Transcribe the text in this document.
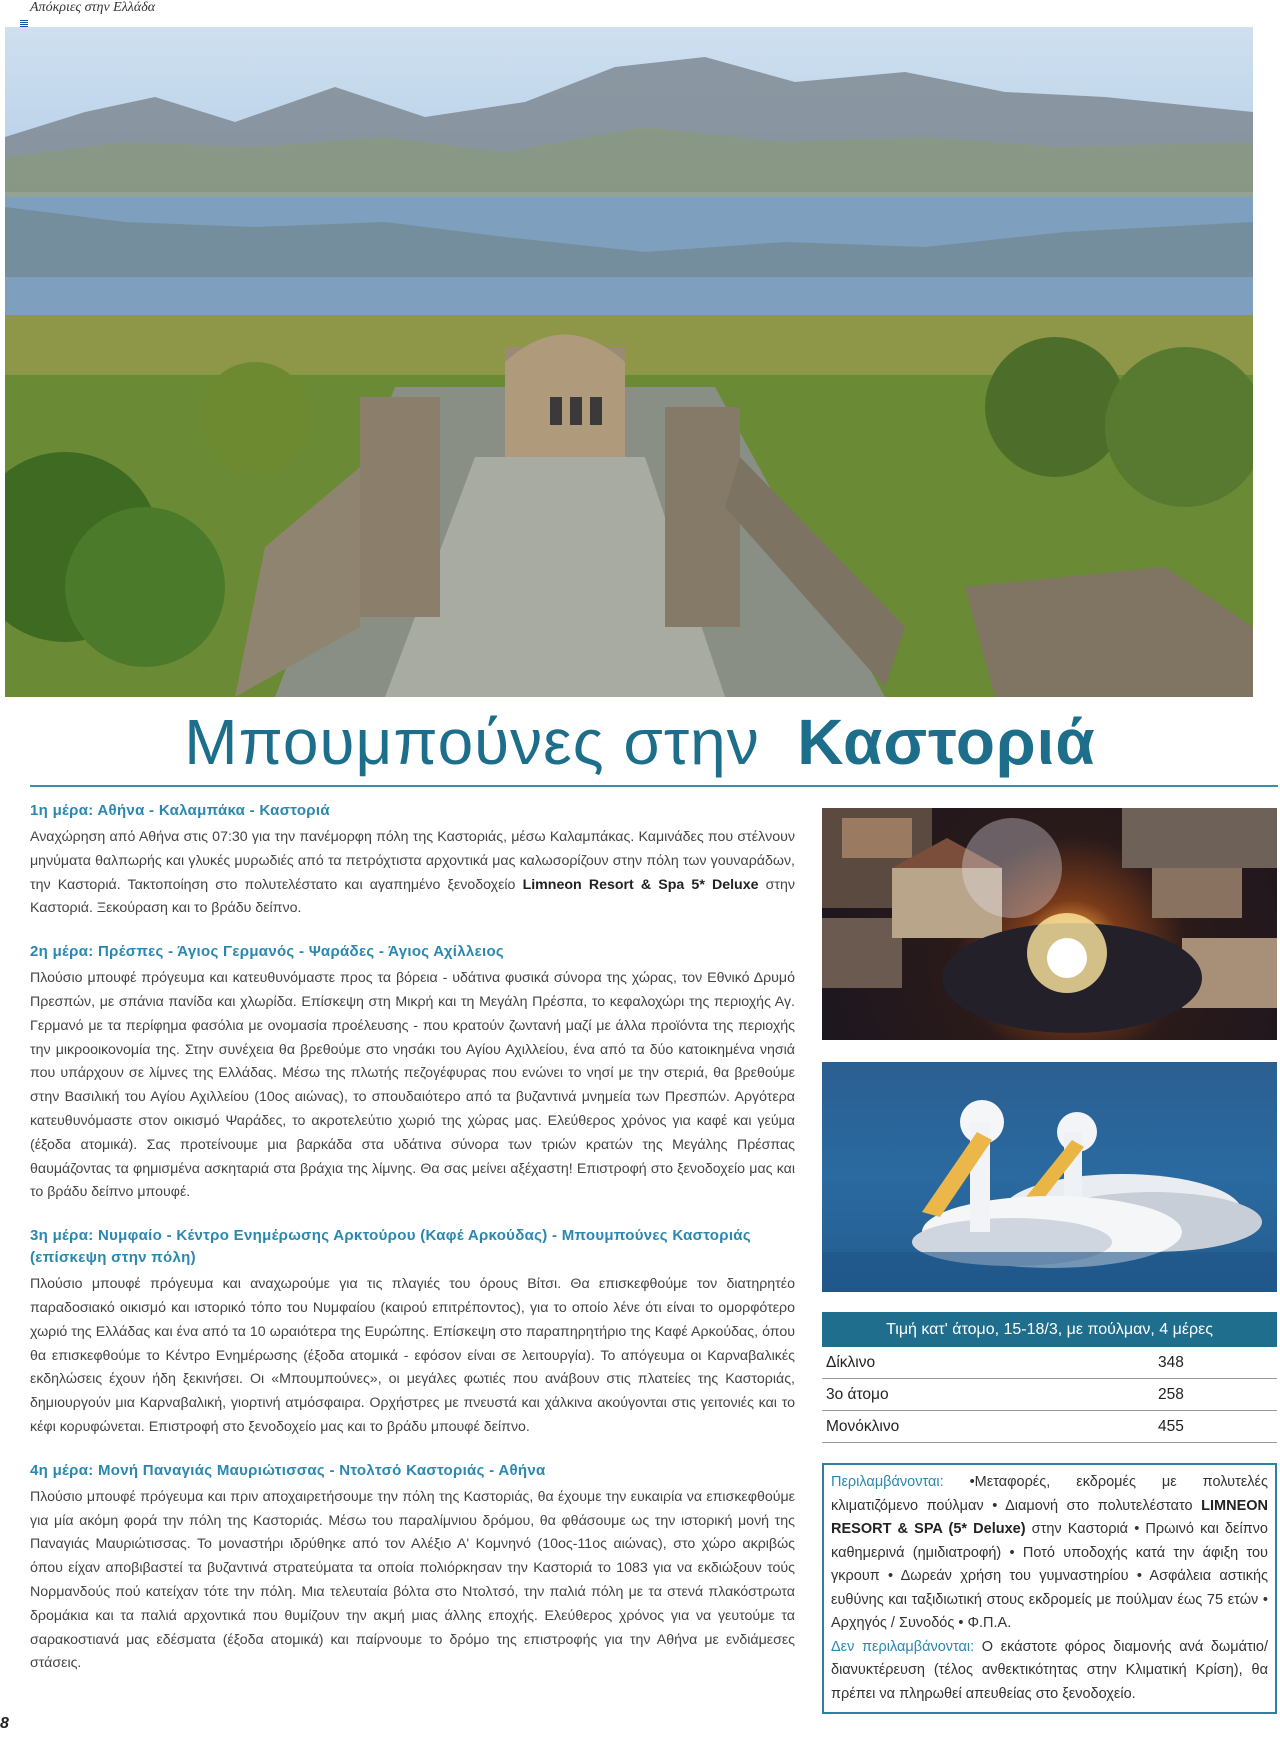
Απόκριες στην Ελλάδα
Μπουμπούνες στην Καστοριά

1η μέρα: Αθήνα - Καλαμπάκα - Καστοριά

Αναχώρηση από Αθήνα στις 07:30 για την πανέμορφη πόλη της Καστοριάς, μέσω Καλαμπάκας. Καμινάδες που στέλνουν μηνύματα θαλπωρής και γλυκές μυρωδιές από τα πετρόχτιστα αρχοντικά μας καλωσορίζουν στην πόλη των γουναράδων, την Καστοριά. Τακτοποίηση στο πολυτελέστατο και αγαπημένο ξενοδοχείο Limneon Resort & Spa 5* Deluxe στην Καστοριά. Ξεκούραση και το βράδυ δείπνο.

2η μέρα: Πρέσπες - Άγιος Γερμανός - Ψαράδες - Άγιος Αχίλλειος

Πλούσιο μπουφέ πρόγευμα και κατευθυνόμαστε προς τα βόρεια - υδάτινα φυσικά σύνορα της χώρας, τον Εθνικό Δρυμό Πρεσπών, με σπάνια πανίδα και χλωρίδα. Επίσκεψη στη Μικρή και τη Μεγάλη Πρέσπα, το κεφαλοχώρι της περιοχής Αγ. Γερμανό με τα περίφημα φασόλια με ονομασία προέλευσης - που κρατούν ζωντανή μαζί με άλλα προϊόντα της περιοχής την μικροοικονομία της. Στην συνέχεια θα βρεθούμε στο νησάκι του Αγίου Αχιλλείου, ένα από τα δύο κατοικημένα νησιά που υπάρχουν σε λίμνες της Ελλάδας. Μέσω της πλωτής πεζογέφυρας που ενώνει το νησί με την στεριά, θα βρεθούμε στην Βασιλική του Αγίου Αχιλλείου (10ος αιώνας), το σπουδαιότερο από τα βυζαντινά μνημεία των Πρεσπών. Αργότερα κατευθυνόμαστε στον οικισμό Ψαράδες, το ακροτελεύτιο χωριό της χώρας μας. Ελεύθερος χρόνος για καφέ και γεύμα (έξοδα ατομικά). Σας προτείνουμε μια βαρκάδα στα υδάτινα σύνορα των τριών κρατών της Μεγάλης Πρέσπας θαυμάζοντας τα φημισμένα ασκηταριά στα βράχια της λίμνης. Θα σας μείνει αξέχαστη! Επιστροφή στο ξενοδοχείο μας και το βράδυ δείπνο μπουφέ.

3η μέρα: Νυμφαίο - Κέντρο Ενημέρωσης Αρκτούρου (Καφέ Αρκούδας) - Μπουμπούνες Καστοριάς (επίσκεψη στην πόλη)

Πλούσιο μπουφέ πρόγευμα και αναχωρούμε για τις πλαγιές του όρους Βίτσι. Θα επισκεφθούμε τον διατηρητέο παραδοσιακό οικισμό και ιστορικό τόπο του Νυμφαίου (καιρού επιτρέποντος), για το οποίο λένε ότι είναι το ομορφότερο χωριό της Ελλάδας και ένα από τα 10 ωραιότερα της Ευρώπης. Επίσκεψη στο παραπηρητήριο της Καφέ Αρκούδας, όπου θα επισκεφθούμε το Κέντρο Ενημέρωσης (έξοδα ατομικά - εφόσον είναι σε λειτουργία). Το απόγευμα οι Καρναβαλικές εκδηλώσεις έχουν ήδη ξεκινήσει. Οι «Μπουμπούνες», οι μεγάλες φωτιές που ανάβουν στις πλατείες της Καστοριάς, δημιουργούν μια Καρναβαλική, γιορτινή ατμόσφαιρα. Ορχήστρες με πνευστά και χάλκινα ακούγονται στις γειτονιές και το κέφι κορυφώνεται. Επιστροφή στο ξενοδοχείο μας και το βράδυ μπουφέ δείπνο.

4η μέρα: Μονή Παναγιάς Μαυριώτισσας - Ντολτσό Καστοριάς - Αθήνα

Πλούσιο μπουφέ πρόγευμα και πριν αποχαιρετήσουμε την πόλη της Καστοριάς, θα έχουμε την ευκαιρία να επισκεφθούμε για μία ακόμη φορά την πόλη της Καστοριάς. Μέσω του παραλίμνιου δρόμου, θα φθάσουμε ως την ιστορική μονή της Παναγιάς Μαυριώτισσας. Το μοναστήρι ιδρύθηκε από τον Αλέξιο Α' Κομνηνό (10ος-11ος αιώνας), στο χώρο ακριβώς όπου είχαν αποβιβαστεί τα βυζαντινά στρατεύματα τα οποία πολιόρκησαν την Καστοριά το 1083 για να εκδιώξουν τούς Νορμανδούς πού κατείχαν τότε την πόλη. Μια τελευταία βόλτα στο Ντολτσό, την παλιά πόλη με τα στενά πλακόστρωτα δρομάκια και τα παλιά αρχοντικά που θυμίζουν την ακμή μιας άλλης εποχής. Ελεύθερος χρόνος για να γευτούμε τα σαρακοστιανά μας εδέσματα (έξοδα ατομικά) και παίρνουμε το δρόμο της επιστροφής για την Αθήνα με ενδιάμεσες στάσεις.

Τιμή κατ' άτομο, 15-18/3, με πούλμαν, 4 μέρες	
Δίκλινο	348
3ο άτομο	258
Μονόκλινο	455
Περιλαμβάνονται: •Μεταφορές, εκδρομές με πολυτελές κλιματιζόμενο πούλμαν • Διαμονή στο πολυτελέστατο LIMNEON RESORT & SPA (5* Deluxe) στην Καστοριά • Πρωινό και δείπνο καθημερινά (ημιδιατροφή) • Ποτό υποδοχής κατά την άφιξη του γκρουπ • Δωρεάν χρήση του γυμναστηρίου • Ασφάλεια αστικής ευθύνης και ταξιδιωτική στους εκδρομείς με πούλμαν έως 75 ετών • Αρχηγός / Συνοδός • Φ.Π.Α.
Δεν περιλαμβάνονται: Ο εκάστοτε φόρος διαμονής ανά δωμάτιο/διανυκτέρευση (τέλος ανθεκτικότητας στην Κλιματική Κρίση), θα πρέπει να πληρωθεί απευθείας στο ξενοδοχείο.
8
